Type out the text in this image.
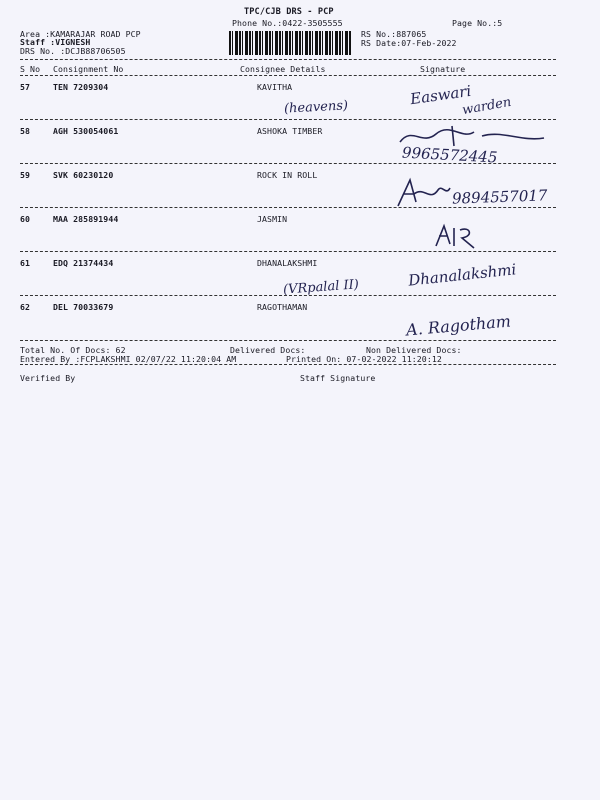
TPC/CJB DRS - PCP
Phone No.:0422-3505555	Page No.:5
Area :KAMARAJAR ROAD PCP
Staff :VIGNESH
DRS No. :DCJB88706505
RS No.:887065
RS Date:07-Feb-2022
S No Consignment No	Consignee Details	Signature
57	TEN 7209304	KAVITHA
(heavens)	Easwari
warden
58	AGH 530054061	ASHOKA TIMBER
9965572445
59	SVK 60230120	ROCK IN ROLL
9894557017
60	MAA 285891944	JASMIN
61	EDQ 21374434	DHANALAKSHMI
(VRpalal II)	Dhanalakshmi
62	DEL 70033679	RAGOTHAMAN
A. Ragotham
Total No. Of Docs: 62	Delivered Docs:	Non Delivered Docs:
Entered By :FCPLAKSHMI 02/07/22 11:20:04 AM	Printed On: 07-02-2022 11:20:12
Verified By	Staff Signature
